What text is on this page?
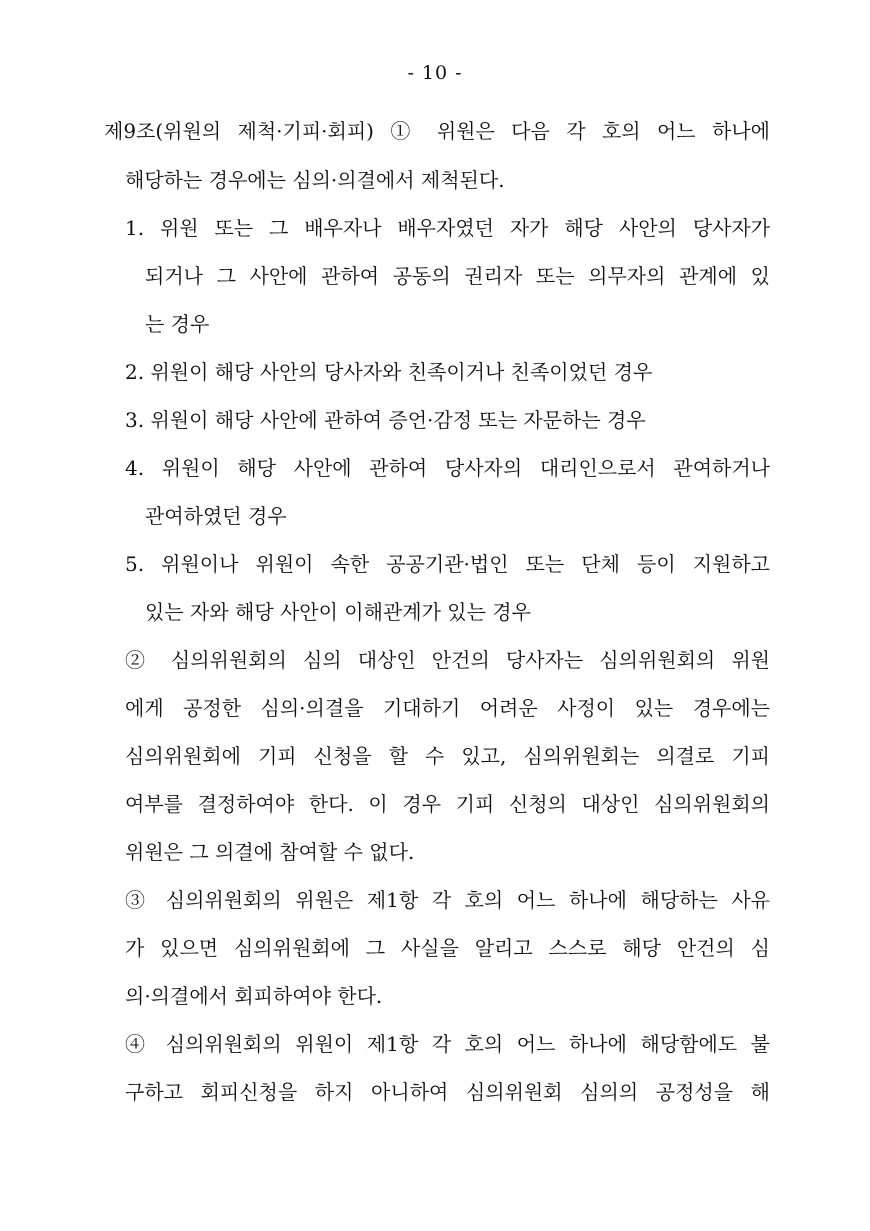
- 10 -
제9조(위원의 제척·기피·회피) ① 위원은 다음 각 호의 어느 하나에
해당하는 경우에는 심의·의결에서 제척된다.
1. 위원 또는 그 배우자나 배우자였던 자가 해당 사안의 당사자가
되거나 그 사안에 관하여 공동의 권리자 또는 의무자의 관계에 있
는 경우
2. 위원이 해당 사안의 당사자와 친족이거나 친족이었던 경우
3. 위원이 해당 사안에 관하여 증언·감정 또는 자문하는 경우
4. 위원이 해당 사안에 관하여 당사자의 대리인으로서 관여하거나
관여하였던 경우
5. 위원이나 위원이 속한 공공기관·법인 또는 단체 등이 지원하고
있는 자와 해당 사안이 이해관계가 있는 경우
② 심의위원회의 심의 대상인 안건의 당사자는 심의위원회의 위원
에게 공정한 심의·의결을 기대하기 어려운 사정이 있는 경우에는
심의위원회에 기피 신청을 할 수 있고, 심의위원회는 의결로 기피
여부를 결정하여야 한다. 이 경우 기피 신청의 대상인 심의위원회의
위원은 그 의결에 참여할 수 없다.
③ 심의위원회의 위원은 제1항 각 호의 어느 하나에 해당하는 사유
가 있으면 심의위원회에 그 사실을 알리고 스스로 해당 안건의 심
의·의결에서 회피하여야 한다.
④ 심의위원회의 위원이 제1항 각 호의 어느 하나에 해당함에도 불
구하고 회피신청을 하지 아니하여 심의위원회 심의의 공정성을 해
